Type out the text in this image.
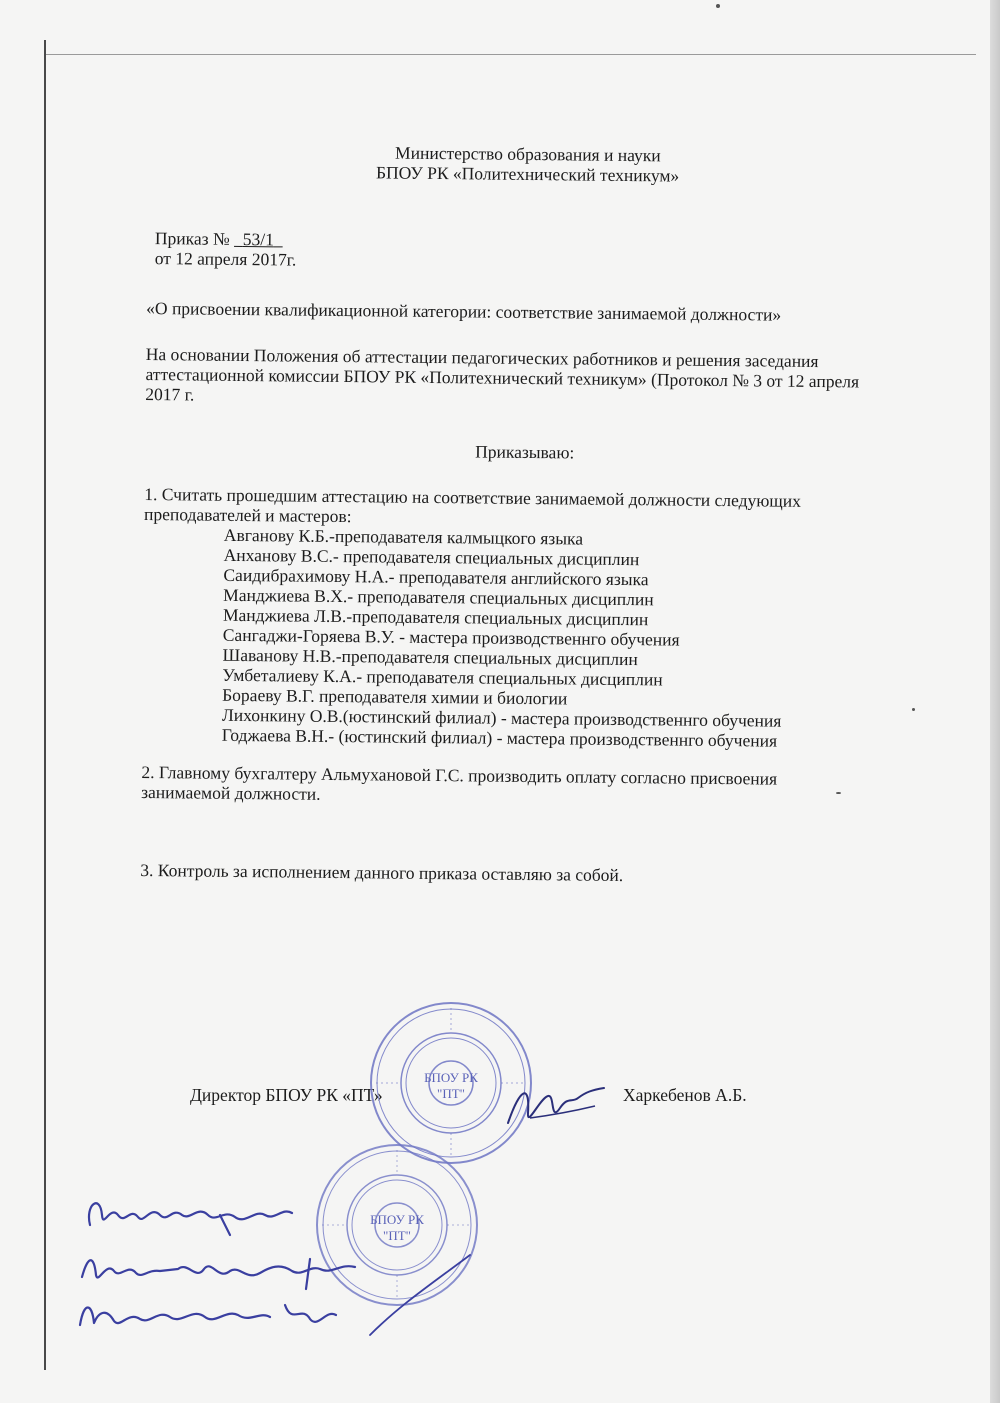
Министерство образования и науки
БПОУ РК «Политехнический техникум»
Приказ № 53/1
от 12 апреля 2017г.
«О присвоении квалификационной категории: соответствие занимаемой должности»
На основании Положения об аттестации педагогических работников и решения заседания аттестационной комиссии БПОУ РК «Политехнический техникум» (Протокол № 3 от 12 апреля 2017 г.
Приказываю:
1. Считать прошедшим аттестацию на соответствие занимаемой должности следующих преподавателей и мастеров:
Авганову К.Б.-преподавателя калмыцкого языка
Анханову В.С.- преподавателя специальных дисциплин
Саидибрахимову Н.А.- преподавателя английского языка
Манджиева В.Х.- преподавателя специальных дисциплин
Манджиева Л.В.-преподавателя специальных дисциплин
Сангаджи-Горяева В.У. - мастера производственнго обучения
Шаванову Н.В.-преподавателя специальных дисциплин
Умбеталиеву К.А.- преподавателя специальных дисциплин
Бораеву В.Г. преподавателя химии и биологии
Лихонкину О.В.(юстинский филиал) - мастера производственнго обучения
Годжаева В.Н.- (юстинский филиал) - мастера производственнго обучения
2. Главному бухгалтеру Альмухановой Г.С. производить оплату согласно присвоения занимаемой должности.
3. Контроль за исполнением данного приказа оставляю за собой.
Директор БПОУ РК «ПТ»	Харкебенов А.Б.
БПОУ РК
"ПТ"
БПОУ РК
"ПТ"
